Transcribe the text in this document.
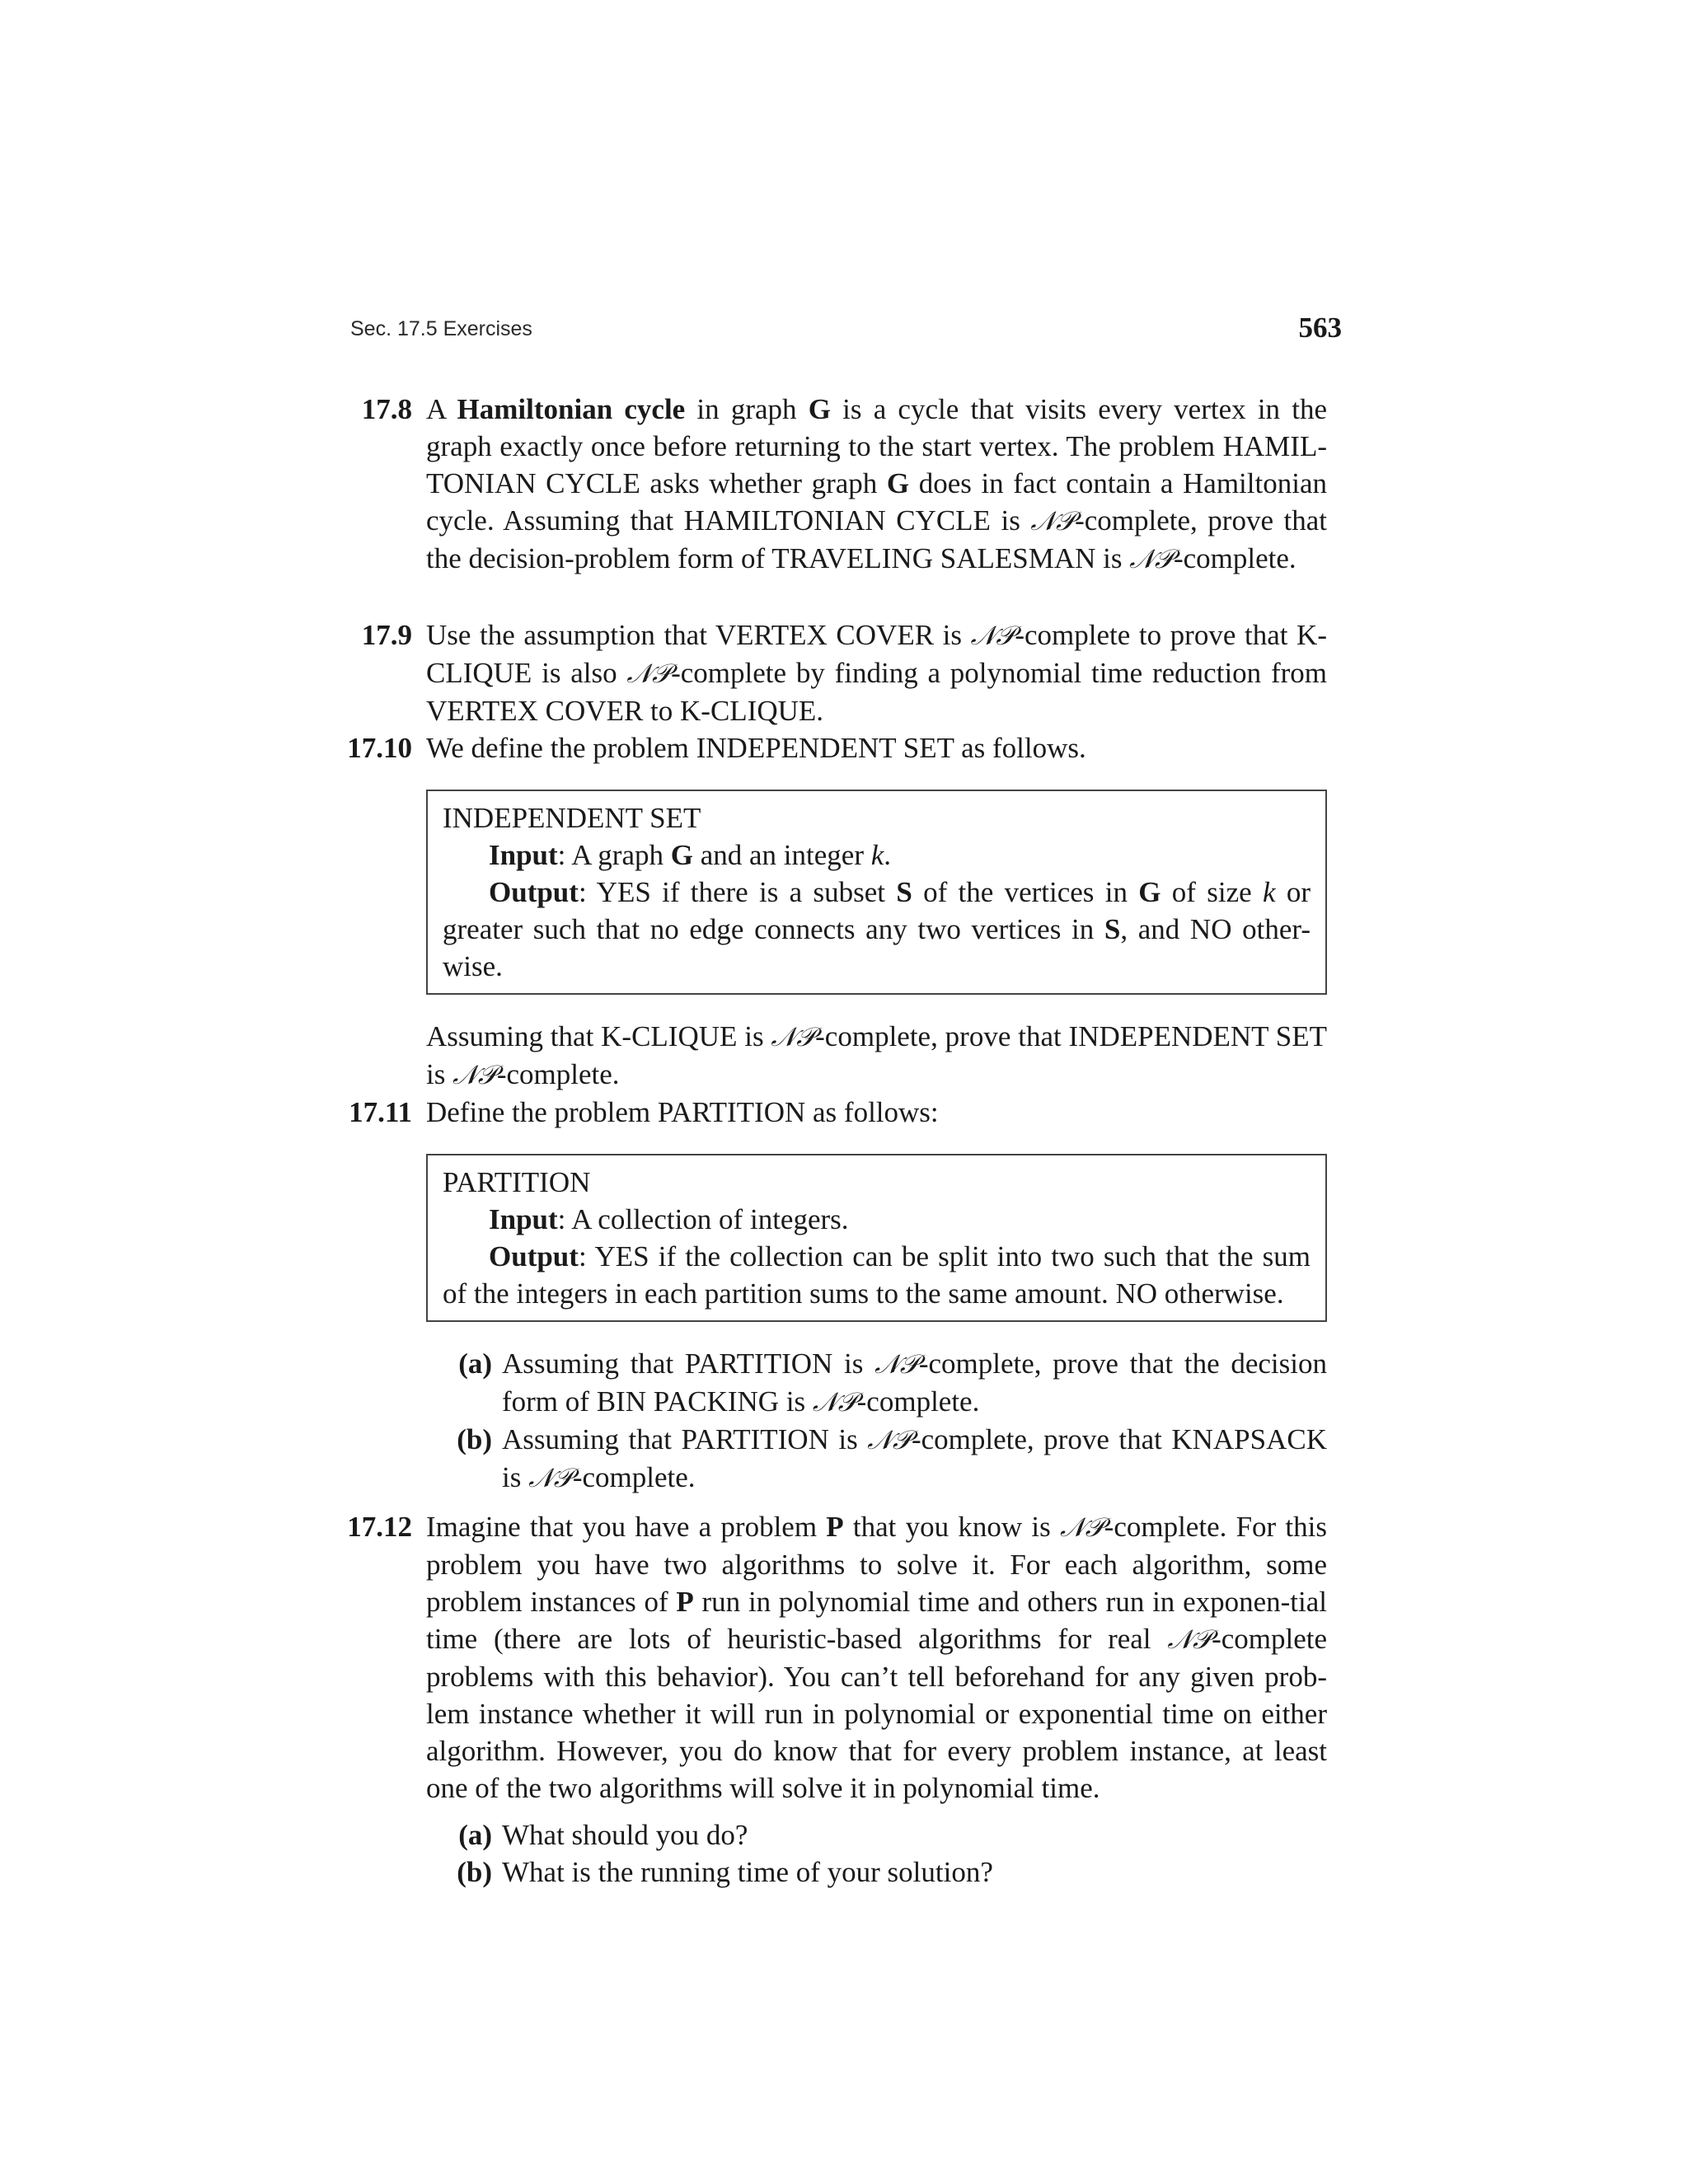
Sec. 17.5 Exercises	563
17.8 A Hamiltonian cycle in graph G is a cycle that visits every vertex in the graph exactly once before returning to the start vertex. The problem HAMIL-TONIAN CYCLE asks whether graph G does in fact contain a Hamiltonian cycle. Assuming that HAMILTONIAN CYCLE is 𝒩𝒫-complete, prove that the decision-problem form of TRAVELING SALESMAN is 𝒩𝒫-complete.
17.9 Use the assumption that VERTEX COVER is 𝒩𝒫-complete to prove that K-CLIQUE is also 𝒩𝒫-complete by finding a polynomial time reduction from VERTEX COVER to K-CLIQUE.
17.10 We define the problem INDEPENDENT SET as follows.

INDEPENDENT SET

Input: A graph G and an integer k.

Output: YES if there is a subset S of the vertices in G of size k or greater such that no edge connects any two vertices in S, and NO other-wise.

Assuming that K-CLIQUE is 𝒩𝒫-complete, prove that INDEPENDENT SET is 𝒩𝒫-complete.

17.11 Define the problem PARTITION as follows:

PARTITION

Input: A collection of integers.

Output: YES if the collection can be split into two such that the sum of the integers in each partition sums to the same amount. NO otherwise.

(a) Assuming that PARTITION is 𝒩𝒫-complete, prove that the decision form of BIN PACKING is 𝒩𝒫-complete.
(b) Assuming that PARTITION is 𝒩𝒫-complete, prove that KNAPSACK is 𝒩𝒫-complete.
17.12 Imagine that you have a problem P that you know is 𝒩𝒫-complete. For this problem you have two algorithms to solve it. For each algorithm, some problem instances of P run in polynomial time and others run in exponen-tial time (there are lots of heuristic-based algorithms for real 𝒩𝒫-complete problems with this behavior). You can’t tell beforehand for any given prob-lem instance whether it will run in polynomial or exponential time on either algorithm. However, you do know that for every problem instance, at least one of the two algorithms will solve it in polynomial time.

(a) What should you do?
(b) What is the running time of your solution?
